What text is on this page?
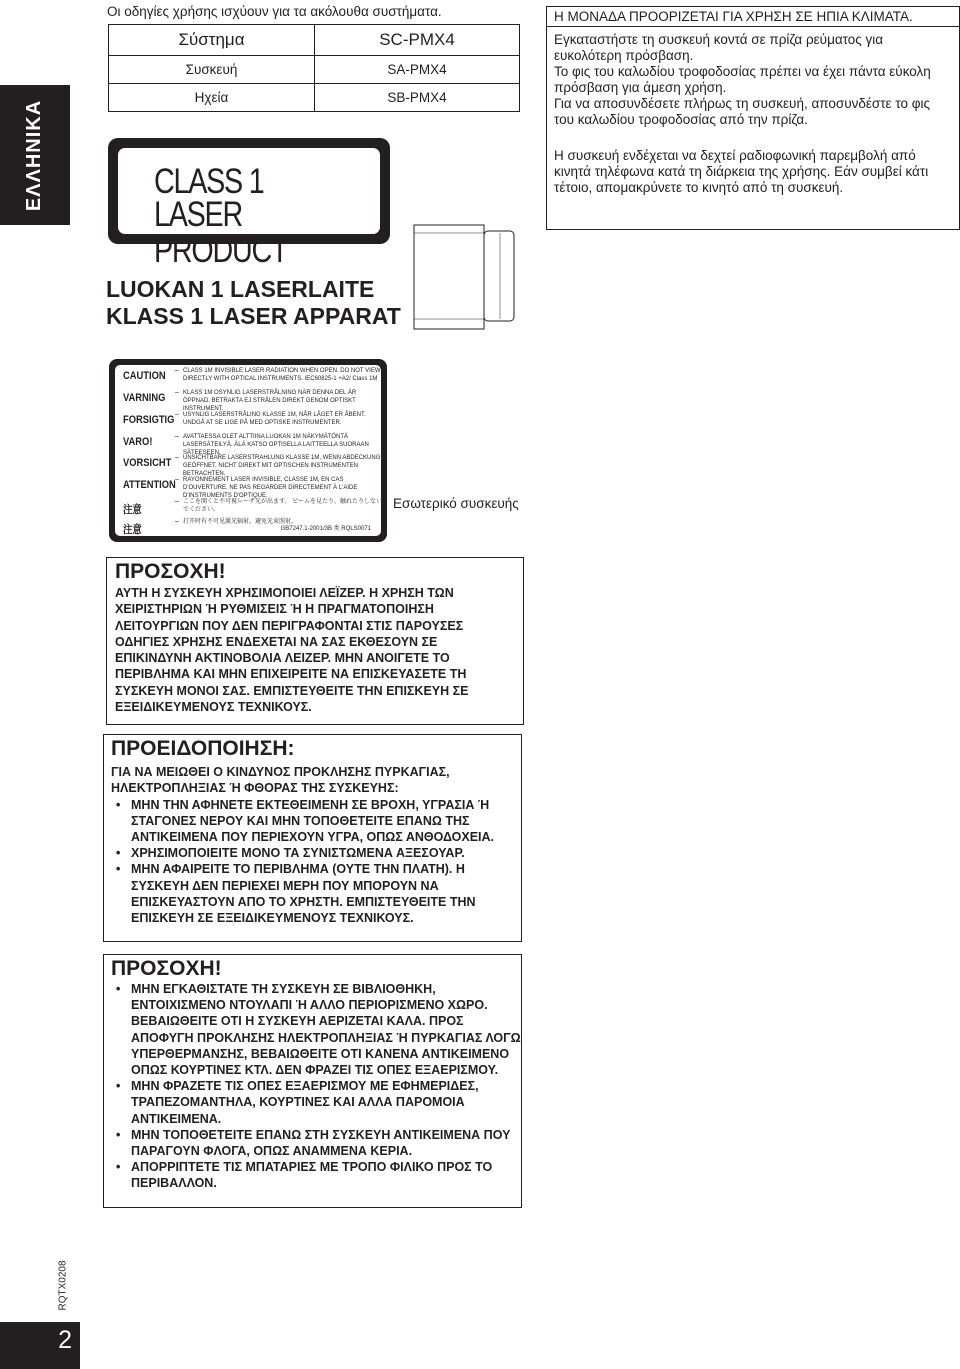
ΕΛΛΗΝΙΚΑ
Οι οδηγίες χρήσης ισχύουν για τα ακόλουθα συστήματα.
Σύστημα	SC-PMX4
Συσκευή	SA-PMX4
Ηχεία	SB-PMX4
CLASS 1
LASER PRODUCT
LUOKAN 1 LASERLAITE
KLASS 1 LASER APPARAT
Η ΜΟΝΑΔΑ ΠΡΟΟΡΙΖΕΤΑΙ ΓΙΑ ΧΡΗΣΗ ΣΕ ΗΠΙΑ ΚΛΙΜΑΤΑ.

Εγκαταστήστε τη συσκευή κοντά σε πρίζα ρεύματος για ευκολότερη πρόσβαση.

Το φις του καλωδίου τροφοδοσίας πρέπει να έχει πάντα εύκολη πρόσβαση για άμεση χρήση.

Για να αποσυνδέσετε πλήρως τη συσκευή, αποσυνδέστε το φις του καλωδίου τροφοδοσίας από την πρίζα.

Η συσκευή ενδέχεται να δεχτεί ραδιοφωνική παρεμβολή από κινητά τηλέφωνα κατά τη διάρκεια της χρήσης. Εάν συμβεί κάτι τέτοιο, απομακρύνετε το κινητό από τη συσκευή.

CAUTION – CLASS 1M INVISIBLE LASER RADIATION WHEN OPEN. DO NOT VIEW DIRECTLY WITH OPTICAL INSTRUMENTS. IEC60825-1 +A2/ Class 1M
VARNING – KLASS 1M OSYNLIG LASERSTRÅLNING NÄR DENNA DEL ÄR ÖPPNAD. BETRAKTA EJ STRÅLEN DIREKT GENOM OPTISKT INSTRUMENT.
FORSIGTIG – USYNLIG LASERSTRÅLING KLASSE 1M, NÅR LÅGET ER ÅBENT. UNDGÅ AT SE LIGE PÅ MED OPTISKE INSTRUMENTER.
VARO!	– AVATTAESSA OLET ALTTIINA LUOKAN 1M NÄKYMÄTÖNTÄ LASERSÄTEILYÄ. ÄLÄ KATSO OPTISELLA LAITTEELLA SUORAAN SÄTEESEEN.
VORSICHT – UNSICHTBARE LASERSTRAHLUNG KLASSE 1M, WENN ABDECKUNG GEÖFFNET. NICHT DIREKT MIT OPTISCHEN INSTRUMENTEN BETRACHTEN.
ATTENTION – RAYONNEMENT LASER INVISIBLE, CLASSE 1M, EN CAS D'OUVERTURE. NE PAS REGARDER DIRECTEMENT À L'AIDE D'INSTRUMENTS D'OPTIQUE.
注意
– ここを開くと不可視レーザ光が出ます。 ビームを見たり、触れたりしないでください。
注意
– 打开时有不可见激光辐射。避免光束照射。
GB7247.1-2001/3B 类 RQLS0071
Εσωτερικό συσκευής
ΠΡΟΣΟΧΗ!
ΑΥΤΗ Η ΣΥΣΚΕΥΗ ΧΡΗΣΙΜΟΠΟΙΕΙ ΛΕΪΖΕΡ. Η ΧΡΗΣΗ ΤΩΝ ΧΕΙΡΙΣΤΗΡΙΩΝ Ή ΡΥΘΜΙΣΕΙΣ Ή Η ΠΡΑΓΜΑΤΟΠΟΙΗΣΗ ΛΕΙΤΟΥΡΓΙΩΝ ΠΟΥ ΔΕΝ ΠΕΡΙΓΡΑΦΟΝΤΑΙ ΣΤΙΣ ΠΑΡΟΥΣΕΣ ΟΔΗΓΙΕΣ ΧΡΗΣΗΣ ΕΝΔΕΧΕΤΑΙ ΝΑ ΣΑΣ ΕΚΘΕΣΟΥΝ ΣΕ ΕΠΙΚΙΝΔΥΝΗ ΑΚΤΙΝΟΒΟΛΙΑ ΛΕΙΖΕΡ. ΜΗΝ ΑΝΟΙΓΕΤΕ ΤΟ ΠΕΡΙΒΛΗΜΑ ΚΑΙ ΜΗΝ ΕΠΙΧΕΙΡΕΙΤΕ ΝΑ ΕΠΙΣΚΕΥΑΣΕΤΕ ΤΗ ΣΥΣΚΕΥΗ ΜΟΝΟΙ ΣΑΣ. ΕΜΠΙΣΤΕΥΘΕΙΤΕ ΤΗΝ ΕΠΙΣΚΕΥΗ ΣΕ ΕΞΕΙΔΙΚΕΥΜΕΝΟΥΣ ΤΕΧΝΙΚΟΥΣ.
ΠΡΟΕΙΔΟΠΟΙΗΣΗ:
ΓΙΑ ΝΑ ΜΕΙΩΘΕΙ Ο ΚΙΝΔΥΝΟΣ ΠΡΟΚΛΗΣΗΣ ΠΥΡΚΑΓΙΑΣ, ΗΛΕΚΤΡΟΠΛΗΞΙΑΣ Ή ΦΘΟΡΑΣ ΤΗΣ ΣΥΣΚΕΥΗΣ:
• ΜΗΝ ΤΗΝ ΑΦΗΝΕΤΕ ΕΚΤΕΘΕΙΜΕΝΗ ΣΕ ΒΡΟΧΗ, ΥΓΡΑΣΙΑ Ή ΣΤΑΓΟΝΕΣ ΝΕΡΟΥ ΚΑΙ ΜΗΝ ΤΟΠΟΘΕΤΕΙΤΕ ΕΠΑΝΩ ΤΗΣ ΑΝΤΙΚΕΙΜΕΝΑ ΠΟΥ ΠΕΡΙΕΧΟΥΝ ΥΓΡΑ, ΟΠΩΣ ΑΝΘΟΔΟΧΕΙΑ.
• ΧΡΗΣΙΜΟΠΟΙΕΙΤΕ ΜΟΝΟ ΤΑ ΣΥΝΙΣΤΩΜΕΝΑ ΑΞΕΣΟΥΑΡ.
• ΜΗΝ ΑΦΑΙΡΕΙΤΕ ΤΟ ΠΕΡΙΒΛΗΜΑ (ΟΥΤΕ ΤΗΝ ΠΛΑΤΗ). Η ΣΥΣΚΕΥΗ ΔΕΝ ΠΕΡΙΕΧΕΙ ΜΕΡΗ ΠΟΥ ΜΠΟΡΟΥΝ ΝΑ ΕΠΙΣΚΕΥΑΣΤΟΥΝ ΑΠΟ ΤΟ ΧΡΗΣΤΗ. ΕΜΠΙΣΤΕΥΘΕΙΤΕ ΤΗΝ ΕΠΙΣΚΕΥΗ ΣΕ ΕΞΕΙΔΙΚΕΥΜΕΝΟΥΣ ΤΕΧΝΙΚΟΥΣ.
ΠΡΟΣΟΧΗ!
• ΜΗΝ ΕΓΚΑΘΙΣΤΑΤΕ ΤΗ ΣΥΣΚΕΥΗ ΣΕ ΒΙΒΛΙΟΘΗΚΗ, ΕΝΤΟΙΧΙΣΜΕΝΟ ΝΤΟΥΛΑΠΙ Ή ΑΛΛΟ ΠΕΡΙΟΡΙΣΜΕΝΟ ΧΩΡΟ. ΒΕΒΑΙΩΘΕΙΤΕ ΟΤΙ Η ΣΥΣΚΕΥΗ ΑΕΡΙΖΕΤΑΙ ΚΑΛΑ. ΠΡΟΣ ΑΠΟΦΥΓΗ ΠΡΟΚΛΗΣΗΣ ΗΛΕΚΤΡΟΠΛΗΞΙΑΣ Ή ΠΥΡΚΑΓΙΑΣ ΛΟΓΩ ΥΠΕΡΘΕΡΜΑΝΣΗΣ, ΒΕΒΑΙΩΘΕΙΤΕ ΟΤΙ ΚΑΝΕΝΑ ΑΝΤΙΚΕΙΜΕΝΟ ΟΠΩΣ ΚΟΥΡΤΙΝΕΣ ΚΤΛ. ΔΕΝ ΦΡΑΖΕΙ ΤΙΣ ΟΠΕΣ ΕΞΑΕΡΙΣΜΟΥ.
• ΜΗΝ ΦΡΑΖΕΤΕ ΤΙΣ ΟΠΕΣ ΕΞΑΕΡΙΣΜΟΥ ΜΕ ΕΦΗΜΕΡΙΔΕΣ, ΤΡΑΠΕΖΟΜΑΝΤΗΛΑ, ΚΟΥΡΤΙΝΕΣ ΚΑΙ ΑΛΛΑ ΠΑΡΟΜΟΙΑ ΑΝΤΙΚΕΙΜΕΝΑ.
• ΜΗΝ ΤΟΠΟΘΕΤΕΙΤΕ ΕΠΑΝΩ ΣΤΗ ΣΥΣΚΕΥΗ ΑΝΤΙΚΕΙΜΕΝΑ ΠΟΥ ΠΑΡΑΓΟΥΝ ΦΛΟΓΑ, ΟΠΩΣ ΑΝΑΜΜΕΝΑ ΚΕΡΙΑ.
• ΑΠΟΡΡΙΠΤΕΤΕ ΤΙΣ ΜΠΑΤΑΡΙΕΣ ΜΕ ΤΡΟΠΟ ΦΙΛΙΚΟ ΠΡΟΣ ΤΟ ΠΕΡΙΒΑΛΛΟΝ.
RQTX0208
2
2
